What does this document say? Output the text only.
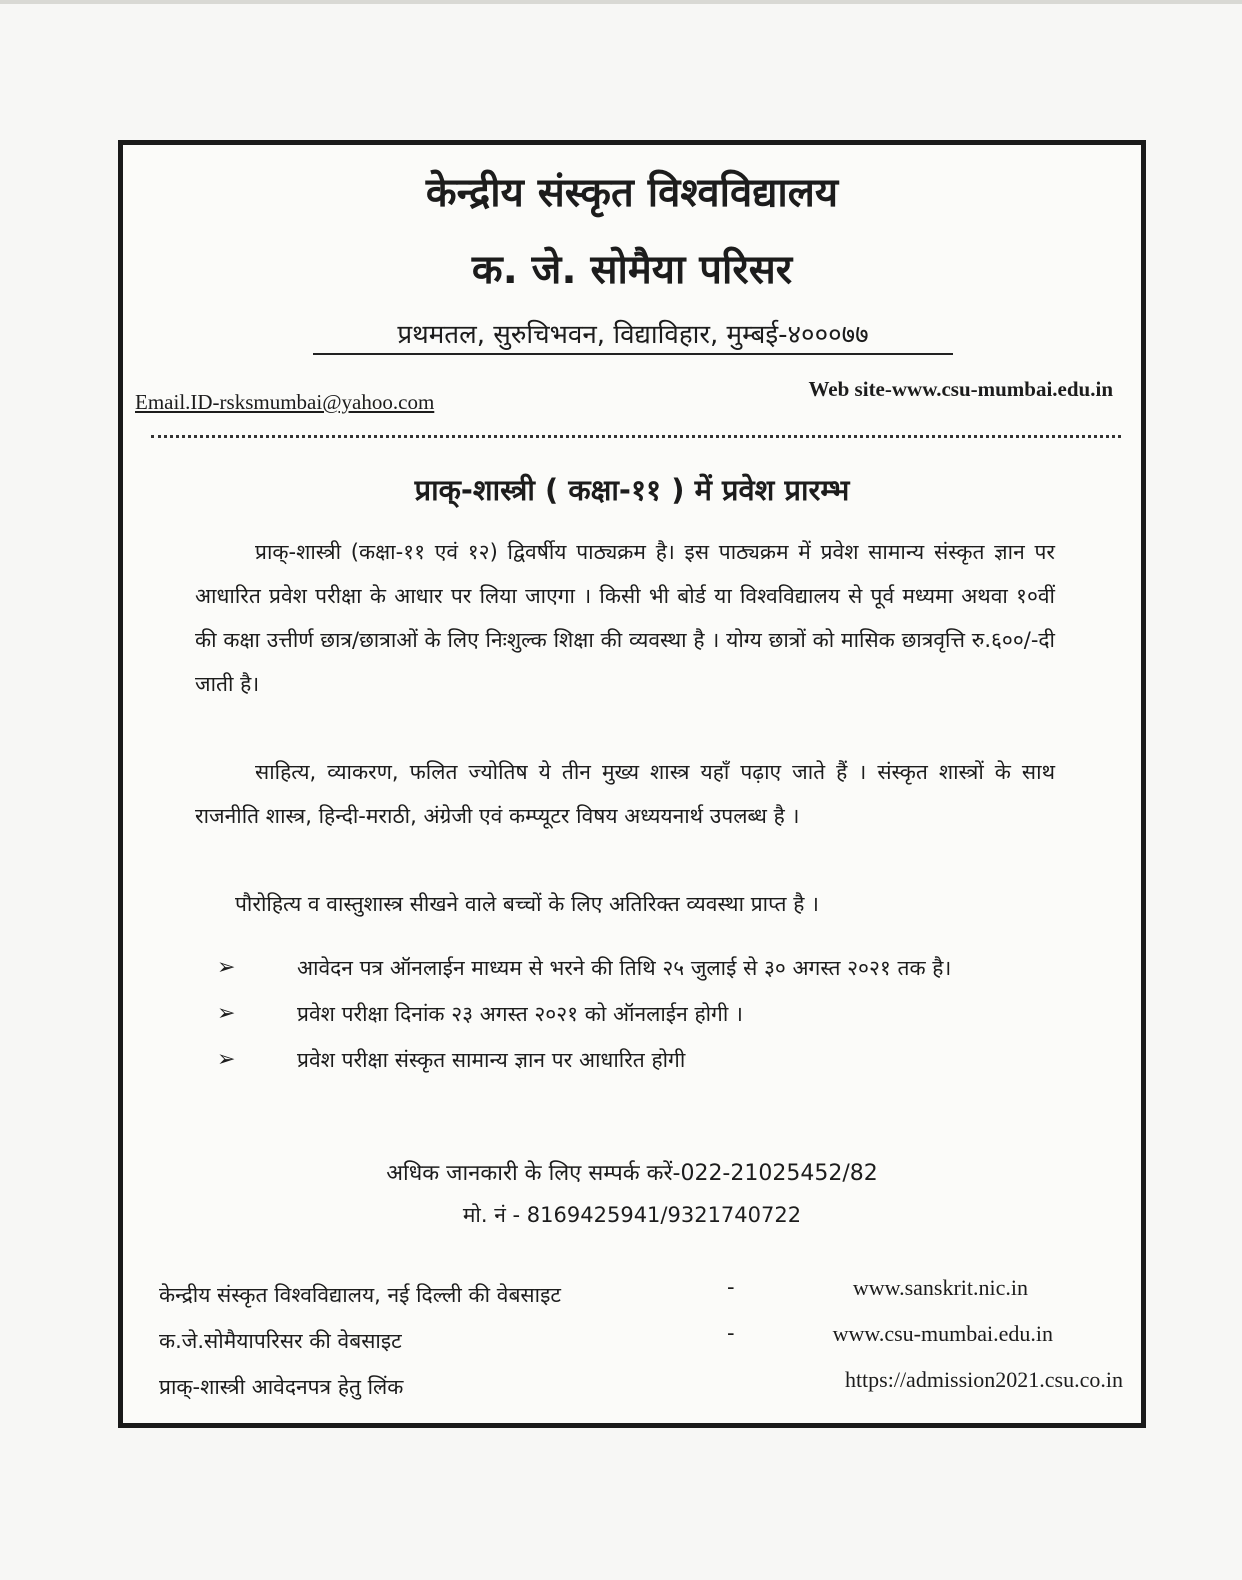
केन्द्रीय संस्कृत विश्वविद्यालय
क. जे. सोमैया परिसर
प्रथमतल, सुरुचिभवन, विद्याविहार, मुम्बई-४०००७७
Email.ID-rsksmumbai@yahoo.com
Web site-www.csu-mumbai.edu.in
प्राक्-शास्त्री ( कक्षा-११ ) में प्रवेश प्रारम्भ
प्राक्-शास्त्री (कक्षा-११ एवं १२) द्विवर्षीय पाठ्यक्रम है। इस पाठ्यक्रम में प्रवेश सामान्य संस्कृत ज्ञान पर आधारित प्रवेश परीक्षा के आधार पर लिया जाएगा । किसी भी बोर्ड या विश्वविद्यालय से पूर्व मध्यमा अथवा १०वीं की कक्षा उत्तीर्ण छात्र/छात्राओं के लिए निःशुल्क शिक्षा की व्यवस्था है । योग्य छात्रों को मासिक छात्रवृत्ति रु.६००/-दी जाती है।
साहित्य, व्याकरण, फलित ज्योतिष ये तीन मुख्य शास्त्र यहाँ पढ़ाए जाते हैं । संस्कृत शास्त्रों के साथ राजनीति शास्त्र, हिन्दी-मराठी, अंग्रेजी एवं कम्प्यूटर विषय अध्ययनार्थ उपलब्ध है ।
पौरोहित्य व वास्तुशास्त्र सीखने वाले बच्चों के लिए अतिरिक्त व्यवस्था प्राप्त है ।
➢	आवेदन पत्र ऑनलाईन माध्यम से भरने की तिथि २५ जुलाई से ३० अगस्त २०२१ तक है।
➢	प्रवेश परीक्षा दिनांक २३ अगस्त २०२१ को ऑनलाईन होगी ।
➢	प्रवेश परीक्षा संस्कृत सामान्य ज्ञान पर आधारित होगी
अधिक जानकारी के लिए सम्पर्क करें-022-21025452/82
मो. नं - 8169425941/9321740722
केन्द्रीय संस्कृत विश्वविद्यालय, नई दिल्ली की वेबसाइट	-	www.sanskrit.nic.in
क.जे.सोमैयापरिसर की वेबसाइट	-	www.csu-mumbai.edu.in
प्राक्-शास्त्री आवेदनपत्र हेतु लिंक	https://admission2021.csu.co.in
